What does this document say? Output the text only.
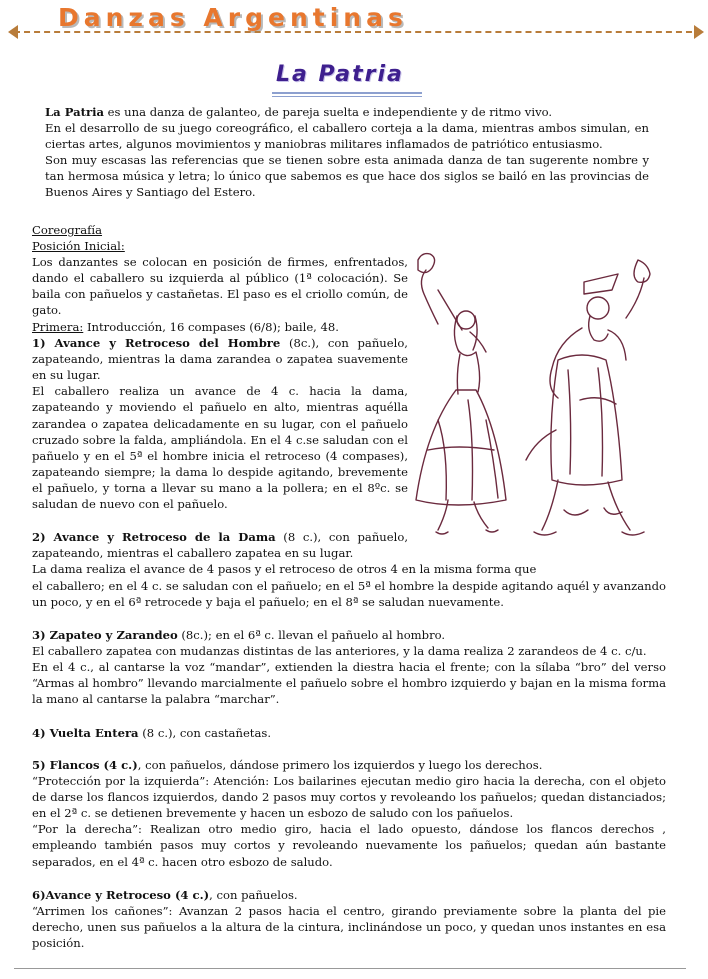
Danzas Argentinas
La Patria

La Patria es una danza de galanteo, de pareja suelta e independiente y de ritmo vivo.

En el desarrollo de su juego coreográfico, el caballero corteja a la dama, mientras ambos simulan, en ciertas artes, algunos movimientos y maniobras militares inflamados de patriótico entusiasmo.

Son muy escasas las referencias que se tienen sobre esta animada danza de tan sugerente nombre y tan hermosa música y letra; lo único que sabemos es que hace dos siglos se bailó en las provincias de Buenos Aires y Santiago del Estero.

Coreografía
Posición Inicial:
Los danzantes se colocan en posición de firmes, enfrentados, dando el caballero su izquierda al público (1ª colocación). Se baila con pañuelos y castañetas. El paso es el criollo común, de gato.
Primera: Introducción, 16 compases (6/8); baile, 48.
1) Avance y Retroceso del Hombre (8c.), con pañuelo, zapateando, mientras la dama zarandea o zapatea suavemente en su lugar.
El caballero realiza un avance de 4 c. hacia la dama, zapateando y moviendo el pañuelo en alto, mientras aquélla zarandea o zapatea delicadamente en su lugar, con el pañuelo cruzado sobre la falda, ampliándola. En el 4 c.se saludan con el pañuelo y en el 5ª el hombre inicia el retroceso (4 compases), zapateando siempre; la dama lo despide agitando, brevemente el pañuelo, y torna a llevar su mano a la pollera; en el 8ºc. se saludan de nuevo con el pañuelo.
2) Avance y Retroceso de la Dama (8 c.), con pañuelo, zapateando, mientras el caballero zapatea en su lugar.
La dama realiza el avance de 4 pasos y el retroceso de otros 4 en la misma forma que
el caballero; en el 4 c. se saludan con el pañuelo; en el 5ª el hombre la despide agitando aquél y avanzando un poco, y en el 6ª retrocede y baja el pañuelo; en el 8ª se saludan nuevamente.
3) Zapateo y Zarandeo (8c.); en el 6ª c. llevan el pañuelo al hombro.
El caballero zapatea con mudanzas distintas de las anteriores, y la dama realiza 2 zarandeos de 4 c. c/u.
En el 4 c., al cantarse la voz “mandar”, extienden la diestra hacia el frente; con la sílaba “bro” del verso “Armas al hombro” llevando marcialmente el pañuelo sobre el hombro izquierdo y bajan en la misma forma la mano al cantarse la palabra “marchar”.
4) Vuelta Entera (8 c.), con castañetas.
5) Flancos (4 c.), con pañuelos, dándose primero los izquierdos y luego los derechos.
“Protección por la izquierda”: Atención: Los bailarines ejecutan medio giro hacia la derecha, con el objeto de darse los flancos izquierdos, dando 2 pasos muy cortos y revoleando los pañuelos; quedan distanciados; en el 2ª c. se detienen brevemente y hacen un esbozo de saludo con los pañuelos.
“Por la derecha”: Realizan otro medio giro, hacia el lado opuesto, dándose los flancos derechos , empleando también pasos muy cortos y revoleando nuevamente los pañuelos; quedan aún bastante separados, en el 4ª c. hacen otro esbozo de saludo.
6)Avance y Retroceso (4 c.), con pañuelos.
“Arrimen los cañones”: Avanzan 2 pasos hacia el centro, girando previamente sobre la planta del pie derecho, unen sus pañuelos a la altura de la cintura, inclinándose un poco, y quedan unos instantes en esa posición.
